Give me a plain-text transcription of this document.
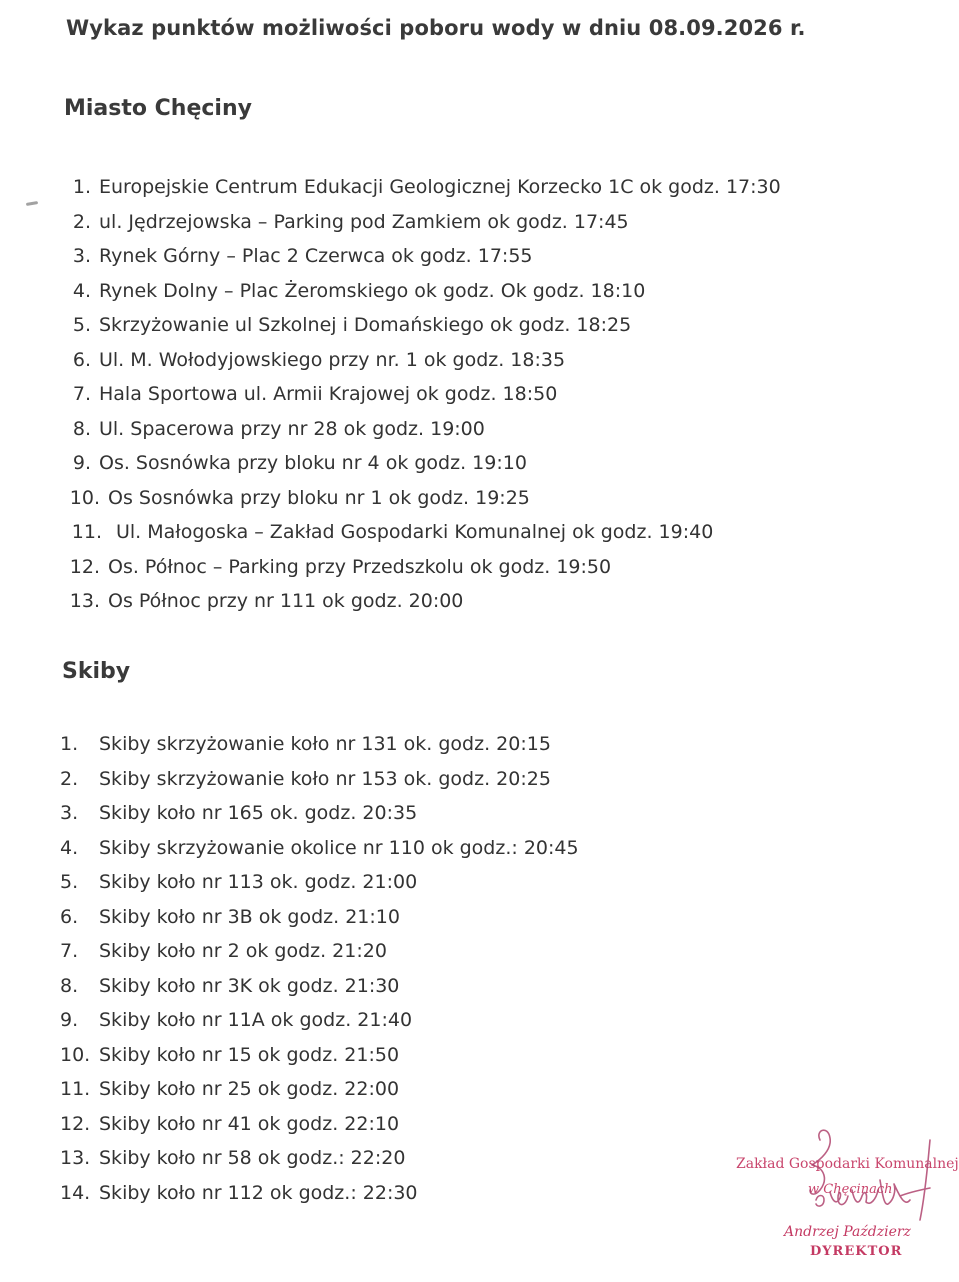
Wykaz punktów możliwości poboru wody w dniu 08.09.2026 r.
Miasto Chęciny
1. Europejskie Centrum Edukacji Geologicznej Korzecko 1C ok godz. 17:30
2. ul. Jędrzejowska – Parking pod Zamkiem ok godz. 17:45
3. Rynek Górny – Plac 2 Czerwca ok godz. 17:55
4. Rynek Dolny – Plac Żeromskiego ok godz. Ok godz. 18:10
5. Skrzyżowanie ul Szkolnej i Domańskiego ok godz. 18:25
6. Ul. M. Wołodyjowskiego przy nr. 1 ok godz. 18:35
7. Hala Sportowa ul. Armii Krajowej ok godz. 18:50
8. Ul. Spacerowa przy nr 28 ok godz. 19:00
9. Os. Sosnówka przy bloku nr 4 ok godz. 19:10
10. Os Sosnówka przy bloku nr 1 ok godz. 19:25
11. Ul. Małogoska – Zakład Gospodarki Komunalnej ok godz. 19:40
12. Os. Północ – Parking przy Przedszkolu ok godz. 19:50
13. Os Północ przy nr 111 ok godz. 20:00
Skiby
1.	Skiby skrzyżowanie koło nr 131 ok. godz. 20:15
2.	Skiby skrzyżowanie koło nr 153 ok. godz. 20:25
3.	Skiby koło nr 165 ok. godz. 20:35
4.	Skiby skrzyżowanie okolice nr 110 ok godz.: 20:45
5.	Skiby koło nr 113 ok. godz. 21:00
6.	Skiby koło nr 3B ok godz. 21:10
7.	Skiby koło nr 2 ok godz. 21:20
8.	Skiby koło nr 3K ok godz. 21:30
9.	Skiby koło nr 11A ok godz. 21:40
10. Skiby koło nr 15 ok godz. 21:50
11. Skiby koło nr 25 ok godz. 22:00
12. Skiby koło nr 41 ok godz. 22:10
13. Skiby koło nr 58 ok godz.: 22:20
14. Skiby koło nr 112 ok godz.: 22:30
Zakład Gospodarki Komunalnej
w Chęcinach
Andrzej Paździerz
DYREKTOR
